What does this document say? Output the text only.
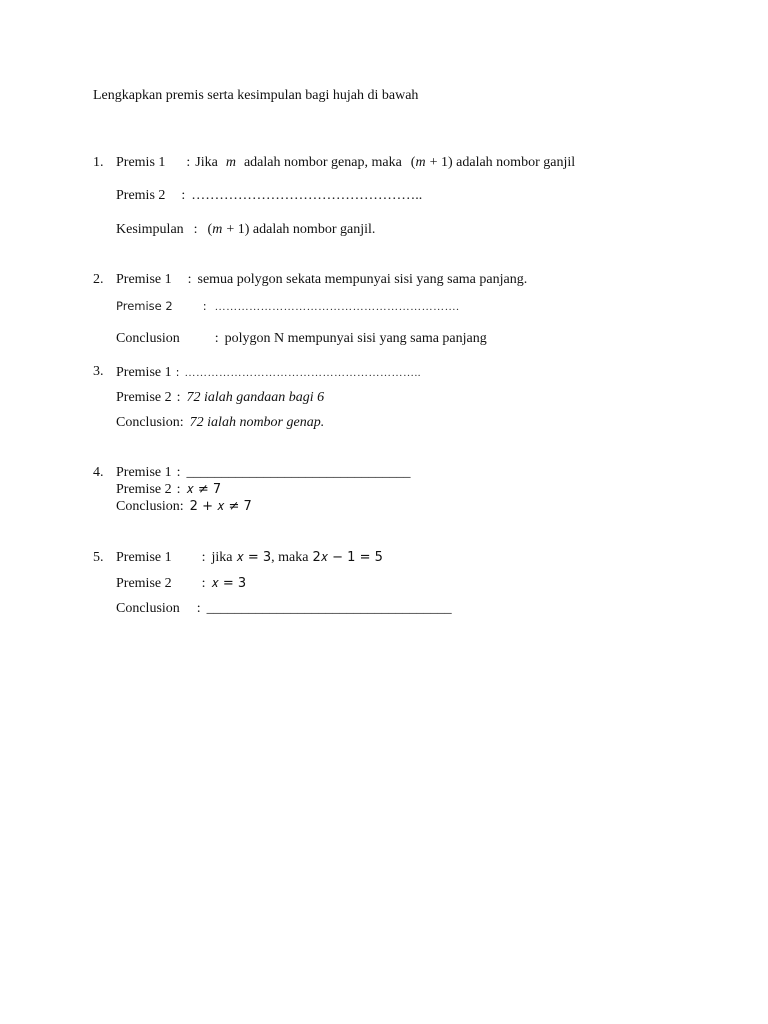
Lengkapkan premis serta kesimpulan bagi hujah di bawah
1. Premis 1 : Jika m adalah nombor genap, maka (m + 1) adalah nombor ganjil
Premis 2 : …………………………………………..
Kesimpulan : (m + 1) adalah nombor ganjil.
2. Premise 1 : semua polygon sekata mempunyai sisi yang sama panjang.
Premise 2	: ……………………………………………………….
Conclusion	: polygon N mempunyai sisi yang sama panjang
3. Premise 1 : ……………………………………………………..
Premise 2 : 72 ialah gandaan bagi 6
Conclusion: 72 ialah nombor genap.
4. Premise 1 : ________________________________
Premise 2 : 𝑥 ≠ 7
Conclusion: 2 + 𝑥 ≠ 7
5. Premise 1 : jika 𝑥 = 3, maka 2𝑥 − 1 = 5
Premise 2 : 𝑥 = 3
Conclusion : ___________________________________
